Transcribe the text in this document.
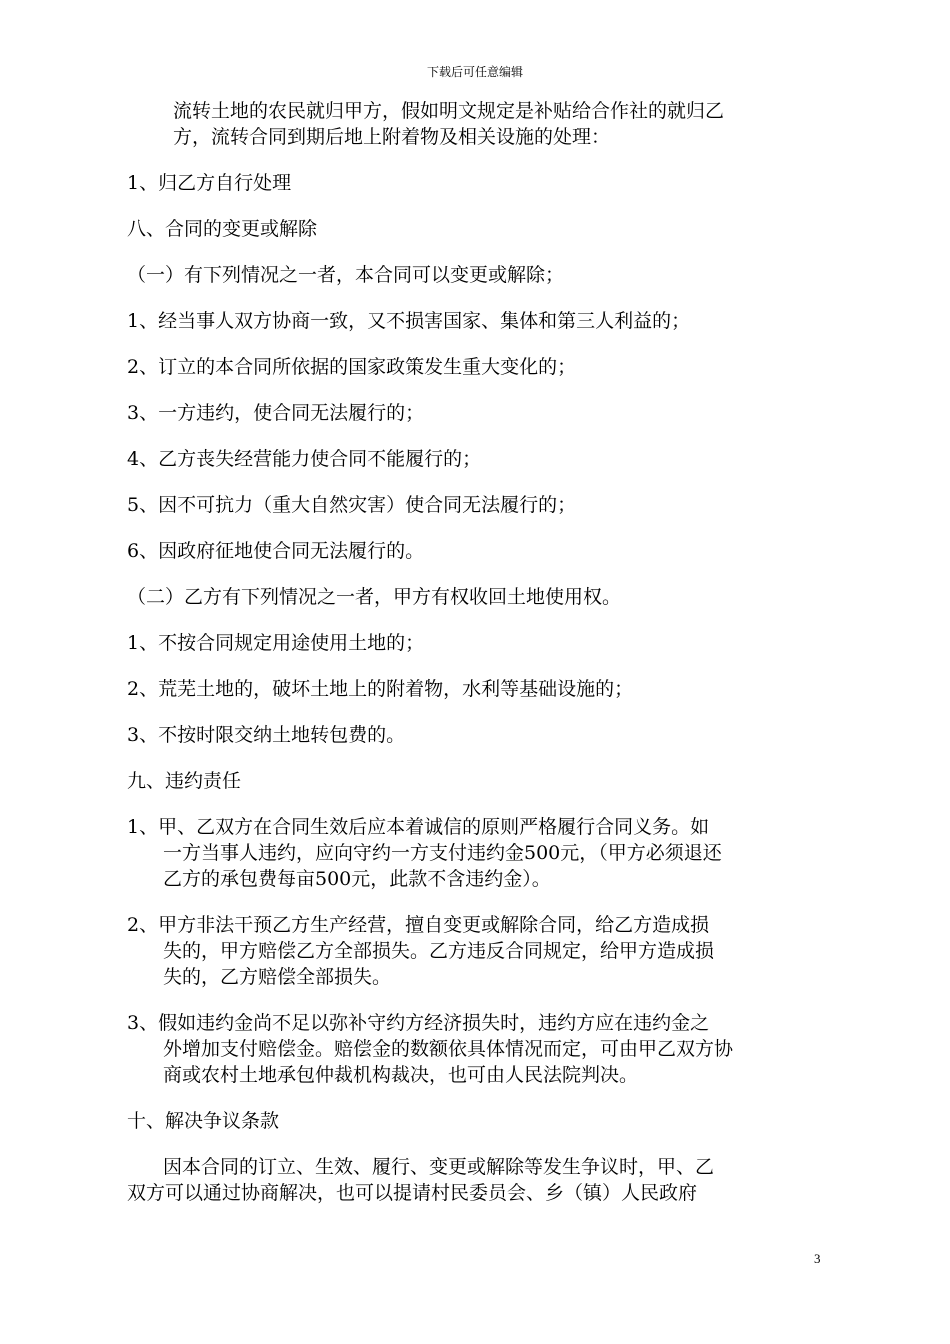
下载后可任意编辑
流转土地的农民就归甲方，假如明文规定是补贴给合作社的就归乙
方，流转合同到期后地上附着物及相关设施的处理：
1、归乙方自行处理
八、合同的变更或解除
（一）有下列情况之一者，本合同可以变更或解除；
1、经当事人双方协商一致，又不损害国家、集体和第三人利益的；
2、订立的本合同所依据的国家政策发生重大变化的；
3、一方违约，使合同无法履行的；
4、乙方丧失经营能力使合同不能履行的；
5、因不可抗力（重大自然灾害）使合同无法履行的；
6、因政府征地使合同无法履行的。
（二）乙方有下列情况之一者，甲方有权收回土地使用权。
1、不按合同规定用途使用土地的；
2、荒芜土地的，破坏土地上的附着物，水利等基础设施的；
3、不按时限交纳土地转包费的。
九、违约责任
1、甲、乙双方在合同生效后应本着诚信的原则严格履行合同义务。如
一方当事人违约，应向守约一方支付违约金500元，（甲方必须退还
乙方的承包费每亩500元，此款不含违约金）。
2、甲方非法干预乙方生产经营，擅自变更或解除合同，给乙方造成损
失的，甲方赔偿乙方全部损失。乙方违反合同规定，给甲方造成损
失的，乙方赔偿全部损失。
3、假如违约金尚不足以弥补守约方经济损失时，违约方应在违约金之
外增加支付赔偿金。赔偿金的数额依具体情况而定，可由甲乙双方协
商或农村土地承包仲裁机构裁决，也可由人民法院判决。
十、解决争议条款
因本合同的订立、生效、履行、变更或解除等发生争议时，甲、乙
双方可以通过协商解决，也可以提请村民委员会、乡（镇）人民政府
3
